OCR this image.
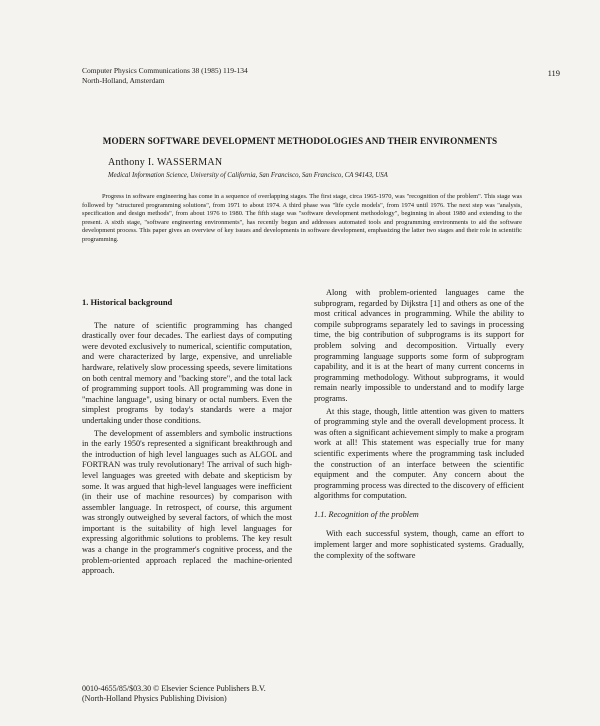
Computer Physics Communications 38 (1985) 119-134
North-Holland, Amsterdam
119
MODERN SOFTWARE DEVELOPMENT METHODOLOGIES AND THEIR ENVIRONMENTS
Anthony I. WASSERMAN
Medical Information Science, University of California, San Francisco, San Francisco, CA 94143, USA

Progress in software engineering has come in a sequence of overlapping stages. The first stage, circa 1965-1970, was "recognition of the problem". This stage was followed by "structured programming solutions", from 1971 to about 1974. A third phase was "life cycle models", from 1974 until 1976. The next step was "analysis, specification and design methods", from about 1976 to 1980. The fifth stage was "software development methodology", beginning in about 1980 and extending to the present. A sixth stage, "software engineering environments", has recently begun and addresses automated tools and programming environments to aid the software development process. This paper gives an overview of key issues and developments in software development, emphasizing the latter two stages and their role in scientific programming.

1. Historical background

The nature of scientific programming has changed drastically over four decades. The earliest days of computing were devoted exclusively to numerical, scientific computation, and were characterized by large, expensive, and unreliable hardware, relatively slow processing speeds, severe limitations on both central memory and "backing store", and the total lack of programming support tools. All programming was done in "machine language", using binary or octal numbers. Even the simplest programs by today's standards were a major undertaking under those conditions.

The development of assemblers and symbolic instructions in the early 1950's represented a significant breakthrough and the introduction of high level languages such as ALGOL and FORTRAN was truly revolutionary! The arrival of such high-level languages was greeted with debate and skepticism by some. It was argued that high-level languages were inefficient (in their use of machine resources) by comparison with assembler language. In retrospect, of course, this argument was strongly outweighed by several factors, of which the most important is the suitability of high level languages for expressing algorithmic solutions to problems. The key result was a change in the programmer's cognitive process, and the problem-oriented approach replaced the machine-oriented approach.

Along with problem-oriented languages came the subprogram, regarded by Dijkstra [1] and others as one of the most critical advances in programming. While the ability to compile subprograms separately led to savings in processing time, the big contribution of subprograms is its support for problem solving and decomposition. Virtually every programming language supports some form of subprogram capability, and it is at the heart of many current concerns in programming methodology. Without subprograms, it would remain nearly impossible to understand and to modify large programs.

At this stage, though, little attention was given to matters of programming style and the overall development process. It was often a significant achievement simply to make a program work at all! This statement was especially true for many scientific experiments where the programming task included the construction of an interface between the scientific equipment and the computer. Any concern about the programming process was directed to the discovery of efficient algorithms for computation.

1.1. Recognition of the problem

With each successful system, though, came an effort to implement larger and more sophisticated systems. Gradually, the complexity of the software

0010-4655/85/$03.30 © Elsevier Science Publishers B.V.
(North-Holland Physics Publishing Division)
